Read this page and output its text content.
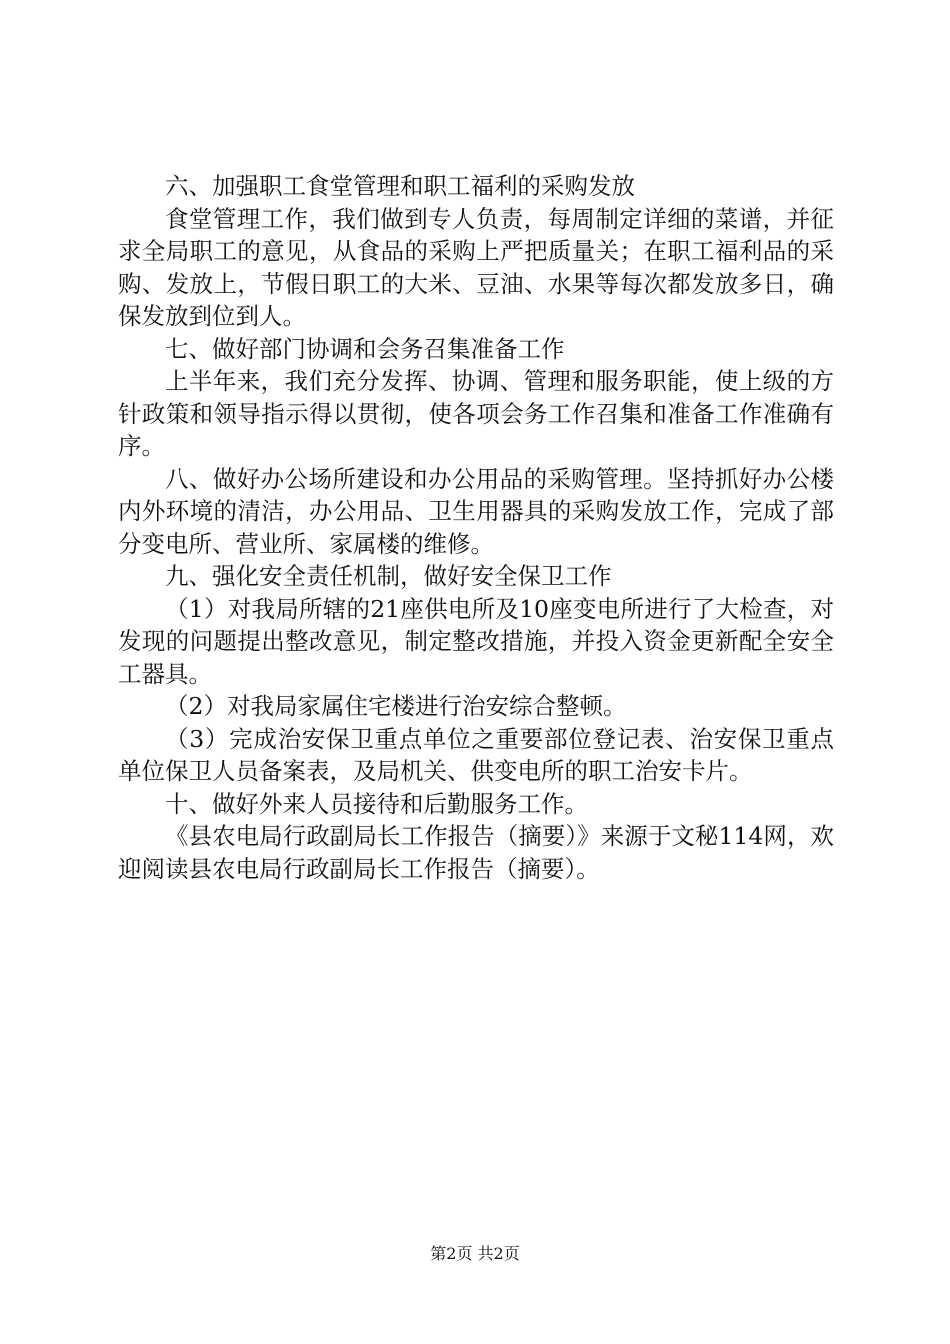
六、加强职工食堂管理和职工福利的采购发放

食堂管理工作，我们做到专人负责，每周制定详细的菜谱，并征求全局职工的意见，从食品的采购上严把质量关；在职工福利品的采购、发放上，节假日职工的大米、豆油、水果等每次都发放多日，确保发放到位到人。

七、做好部门协调和会务召集准备工作

上半年来，我们充分发挥、协调、管理和服务职能，使上级的方针政策和领导指示得以贯彻，使各项会务工作召集和准备工作准确有序。

八、做好办公场所建设和办公用品的采购管理。坚持抓好办公楼内外环境的清洁，办公用品、卫生用器具的采购发放工作，完成了部分变电所、营业所、家属楼的维修。

九、强化安全责任机制，做好安全保卫工作

（1）对我局所辖的21座供电所及10座变电所进行了大检查，对发现的问题提出整改意见，制定整改措施，并投入资金更新配全安全工器具。

（2）对我局家属住宅楼进行治安综合整顿。

（3）完成治安保卫重点单位之重要部位登记表、治安保卫重点单位保卫人员备案表，及局机关、供变电所的职工治安卡片。

十、做好外来人员接待和后勤服务工作。

《县农电局行政副局长工作报告（摘要）》来源于文秘114网，欢迎阅读县农电局行政副局长工作报告（摘要）。

第2页 共2页
